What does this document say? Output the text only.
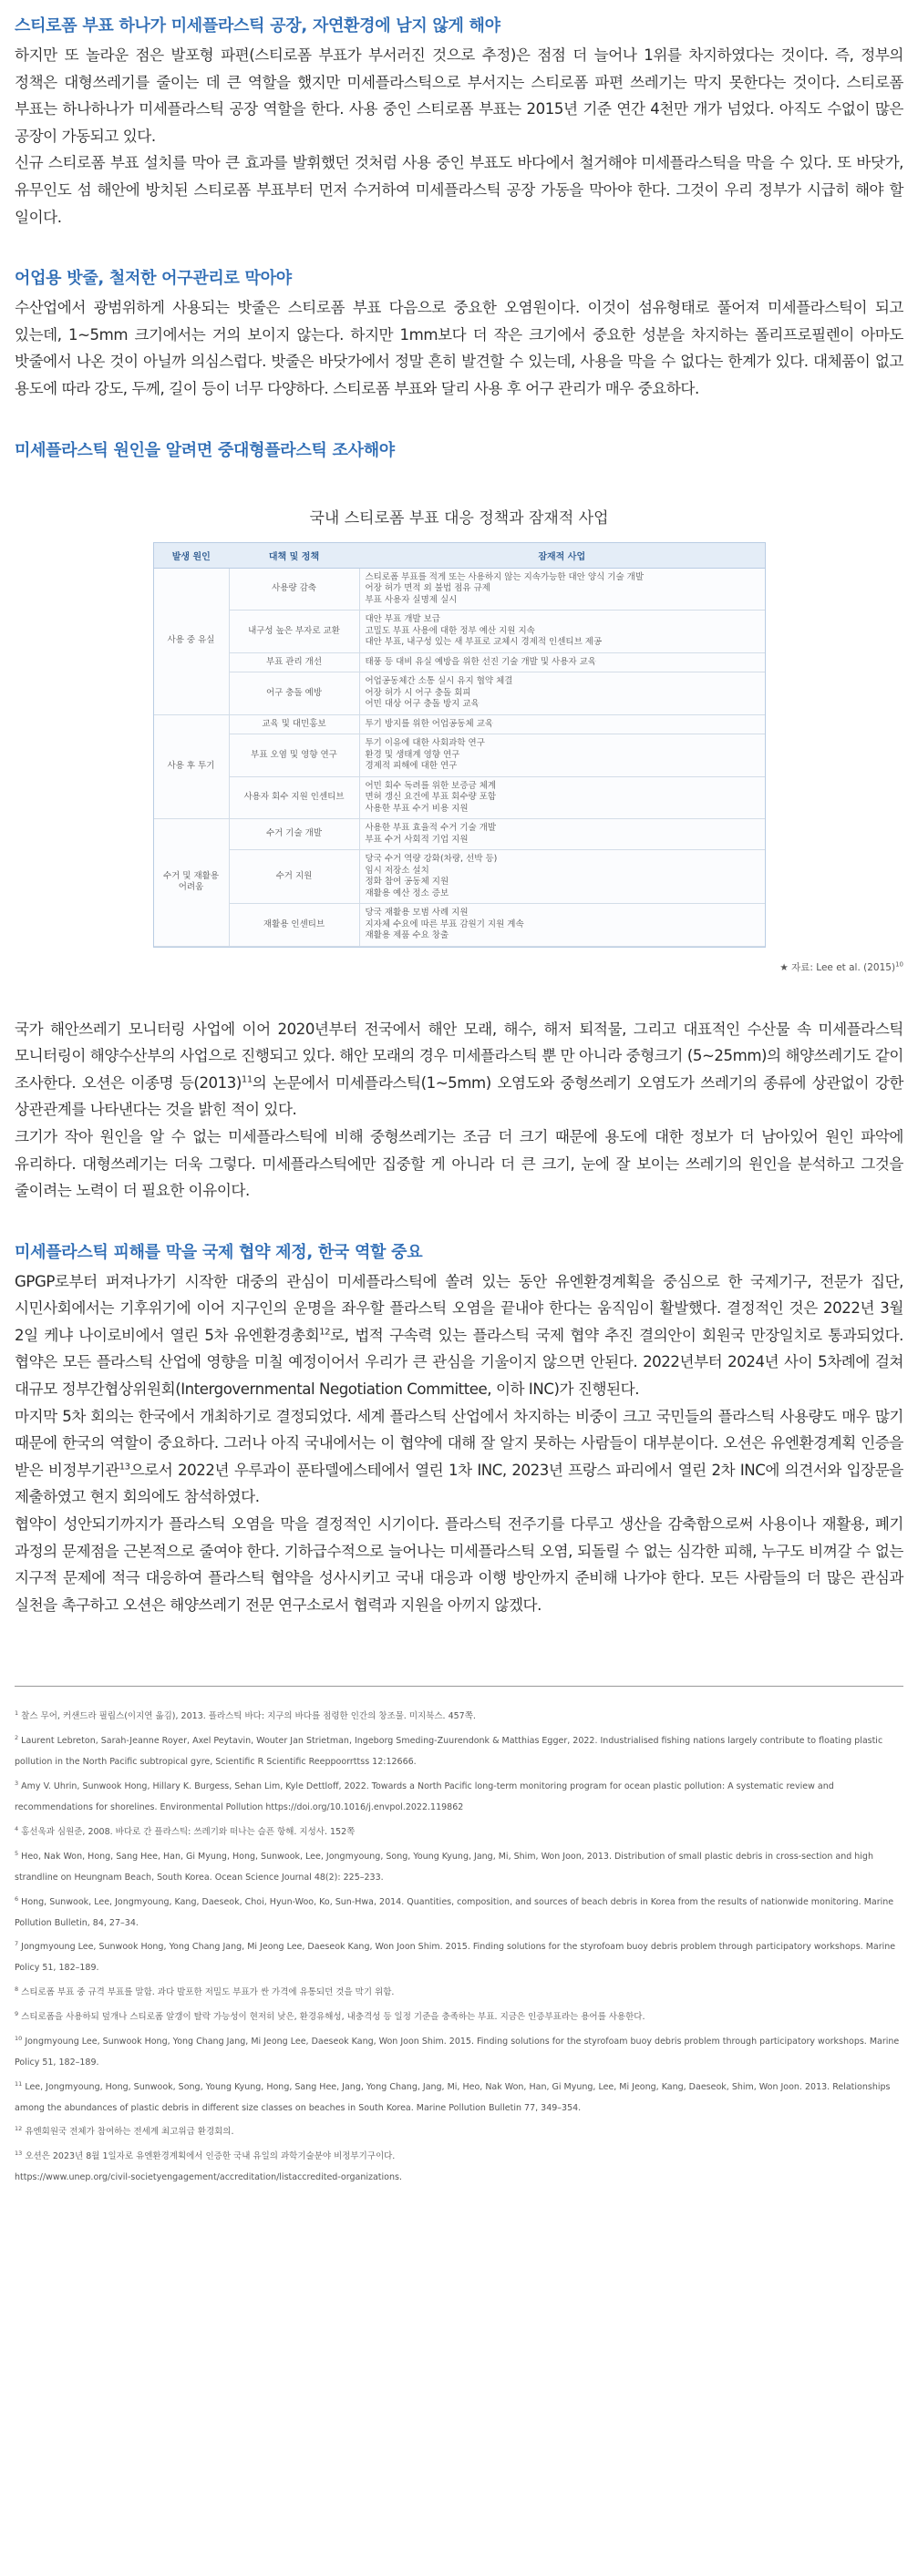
스티로폼 부표 하나가 미세플라스틱 공장, 자연환경에 남지 않게 해야

하지만 또 놀라운 점은 발포형 파편(스티로폼 부표가 부서러진 것으로 추정)은 점점 더 늘어나 1위를 차지하였다는 것이다. 즉, 정부의 정책은 대형쓰레기를 줄이는 데 큰 역할을 했지만 미세플라스틱으로 부서지는 스티로폼 파편 쓰레기는 막지 못한다는 것이다. 스티로폼 부표는 하나하나가 미세플라스틱 공장 역할을 한다. 사용 중인 스티로폼 부표는 2015년 기준 연간 4천만 개가 넘었다. 아직도 수없이 많은 공장이 가동되고 있다.

신규 스티로폼 부표 설치를 막아 큰 효과를 발휘했던 것처럼 사용 중인 부표도 바다에서 철거해야 미세플라스틱을 막을 수 있다. 또 바닷가, 유무인도 섬 해안에 방치된 스티로폼 부표부터 먼저 수거하여 미세플라스틱 공장 가동을 막아야 한다. 그것이 우리 정부가 시급히 해야 할 일이다.

어업용 밧줄, 철저한 어구관리로 막아야

수산업에서 광범위하게 사용되는 밧줄은 스티로폼 부표 다음으로 중요한 오염원이다. 이것이 섬유형태로 풀어져 미세플라스틱이 되고 있는데, 1~5mm 크기에서는 거의 보이지 않는다. 하지만 1mm보다 더 작은 크기에서 중요한 성분을 차지하는 폴리프로필렌이 아마도 밧줄에서 나온 것이 아닐까 의심스럽다. 밧줄은 바닷가에서 정말 흔히 발견할 수 있는데, 사용을 막을 수 없다는 한계가 있다. 대체품이 없고 용도에 따라 강도, 두께, 길이 등이 너무 다양하다. 스티로폼 부표와 달리 사용 후 어구 관리가 매우 중요하다.

미세플라스틱 원인을 알려면 중대형플라스틱 조사해야
국내 스티로폼 부표 대응 정책과 잠재적 사업
발생 원인	대책 및 정책	잠재적 사업
사용 중 유실	사용량 감축	스티로폼 부표를 적게 또는 사용하지 않는 지속가능한 대안 양식 기술 개발
어장 허가 면적 외 불법 점유 규제
부표 사용자 실명제 실시
	내구성 높은 부자로 교환	대안 부표 개발 보급
고밀도 부표 사용에 대한 정부 예산 지원 지속
대안 부표, 내구성 있는 새 부표로 교체시 경제적 인센티브 제공
	부표 관리 개선	태풍 등 대비 유실 예방을 위한 선진 기술 개발 및 사용자 교육
	어구 충돌 예방	어업공동체간 소통 실시 유지 협약 체결
어장 허가 시 어구 충돌 회피
어민 대상 어구 충돌 방지 교육
사용 후 투기	교육 및 대민홍보	투기 방지를 위한 어업공동체 교육
	부표 오염 및 영향 연구	투기 이유에 대한 사회과학 연구
환경 및 생태계 영향 연구
경제적 피해에 대한 연구
	사용자 회수 지원 인센티브	어민 회수 독려를 위한 보증금 체계
면허 갱신 요건에 부표 회수량 포함
사용한 부표 수거 비용 지원
수거 및 재활용 어려움	수거 기술 개발	사용한 부표 효율적 수거 기술 개발
부표 수거 사회적 기업 지원
	수거 지원	당국 수거 역량 강화(차량, 선박 등)
임시 저장소 설치
정화 참여 공동체 지원
재활용 예산 정소 증보
	재활용 인센티브	당국 재활용 모범 사례 지원
지자체 수요에 따른 부표 감원기 지원 계속
재활용 제품 수요 창출
★ 자료: Lee et al. $(2015)^{10}$

국가 해안쓰레기 모니터링 사업에 이어 2020년부터 전국에서 해안 모래, 해수, 해저 퇴적물, 그리고 대표적인 수산물 속 미세플라스틱 모니터링이 해양수산부의 사업으로 진행되고 있다. 해안 모래의 경우 미세플라스틱 뿐 만 아니라 중형크기 (5~25mm)의 해양쓰레기도 같이 조사한다. 오션은 이종명 등(2013)$^{11}$의 논문에서 미세플라스틱(1~5mm) 오염도와 중형쓰레기 오염도가 쓰레기의 종류에 상관없이 강한 상관관계를 나타낸다는 것을 밝힌 적이 있다.

크기가 작아 원인을 알 수 없는 미세플라스틱에 비해 중형쓰레기는 조금 더 크기 때문에 용도에 대한 정보가 더 남아있어 원인 파악에 유리하다. 대형쓰레기는 더욱 그렇다. 미세플라스틱에만 집중할 게 아니라 더 큰 크기, 눈에 잘 보이는 쓰레기의 원인을 분석하고 그것을 줄이려는 노력이 더 필요한 이유이다.

미세플라스틱 피해를 막을 국제 협약 제정, 한국 역할 중요

GPGP로부터 퍼져나가기 시작한 대중의 관심이 미세플라스틱에 쏠려 있는 동안 유엔환경계획을 중심으로 한 국제기구, 전문가 집단, 시민사회에서는 기후위기에 이어 지구인의 운명을 좌우할 플라스틱 오염을 끝내야 한다는 움직임이 활발했다. 결정적인 것은 2022년 3월 2일 케냐 나이로비에서 열린 5차 유엔환경총회$^{12}$로, 법적 구속력 있는 플라스틱 국제 협약 추진 결의안이 회원국 만장일치로 통과되었다. 협약은 모든 플라스틱 산업에 영향을 미칠 예정이어서 우리가 큰 관심을 기울이지 않으면 안된다. 2022년부터 2024년 사이 5차례에 걸쳐 대규모 정부간협상위원회(Intergovernmental Negotiation Committee, 이하 INC)가 진행된다.

마지막 5차 회의는 한국에서 개최하기로 결정되었다. 세계 플라스틱 산업에서 차지하는 비중이 크고 국민들의 플라스틱 사용량도 매우 많기 때문에 한국의 역할이 중요하다. 그러나 아직 국내에서는 이 협약에 대해 잘 알지 못하는 사람들이 대부분이다. 오션은 유엔환경계획 인증을 받은 비정부기관$^{13}$으로서 2022년 우루과이 푼타델에스테에서 열린 1차 INC, 2023년 프랑스 파리에서 열린 2차 INC에 의견서와 입장문을 제출하였고 현지 회의에도 참석하였다.

협약이 성안되기까지가 플라스틱 오염을 막을 결정적인 시기이다. 플라스틱 전주기를 다루고 생산을 감축함으로써 사용이나 재활용, 폐기 과정의 문제점을 근본적으로 줄여야 한다. 기하급수적으로 늘어나는 미세플라스틱 오염, 되돌릴 수 없는 심각한 피해, 누구도 비껴갈 수 없는 지구적 문제에 적극 대응하여 플라스틱 협약을 성사시키고 국내 대응과 이행 방안까지 준비해 나가야 한다. 모든 사람들의 더 많은 관심과 실천을 촉구하고 오션은 해양쓰레기 전문 연구소로서 협력과 지원을 아끼지 않겠다.

$^1$ 찰스 무어, 커샌드라 필립스(이지연 옮김), 2013. 플라스틱 바다: 지구의 바다를 점령한 인간의 창조물. 미지북스. 457쪽.
$^2$ Laurent Lebreton, Sarah-Jeanne Royer, Axel Peytavin, Wouter Jan Strietman, Ingeborg Smeding-Zuurendonk & Matthias Egger, 2022. Industrialised fishing nations largely contribute to floating plastic pollution in the North Pacific subtropical gyre, Scientific R Scientific Reeppoorrttss 12:12666.
$^3$ Amy V. Uhrin, Sunwook Hong, Hillary K. Burgess, Sehan Lim, Kyle Dettloff, 2022. Towards a North Pacific long-term monitoring program for ocean plastic pollution: A systematic review and recommendations for shorelines. Environmental Pollution https://doi.org/10.1016/j.envpol.2022.119862
$^4$ 홍선욱과 심원준, 2008. 바다로 간 플라스틱: 쓰레기와 떠나는 슬픈 항해. 지성사. 152쪽
$^5$ Heo, Nak Won, Hong, Sang Hee, Han, Gi Myung, Hong, Sunwook, Lee, Jongmyoung, Song, Young Kyung, Jang, Mi, Shim, Won Joon, 2013. Distribution of small plastic debris in cross-section and high strandline on Heungnam Beach, South Korea. Ocean Science Journal 48(2): 225–233.
$^6$ Hong, Sunwook, Lee, Jongmyoung, Kang, Daeseok, Choi, Hyun-Woo, Ko, Sun-Hwa, 2014. Quantities, composition, and sources of beach debris in Korea from the results of nationwide monitoring. Marine Pollution Bulletin, 84, 27–34.
$^7$ Jongmyoung Lee, Sunwook Hong, Yong Chang Jang, Mi Jeong Lee, Daeseok Kang, Won Joon Shim. 2015. Finding solutions for the styrofoam buoy debris problem through participatory workshops. Marine Policy 51, 182–189.
$^8$ 스티로폼 부표 중 규격 부표를 말함. 과다 발포한 저밀도 부표가 싼 가격에 유통되던 것을 막기 위함.
$^9$ 스티로폼을 사용하되 덮개나 스티로폼 알갱이 탈락 가능성이 현저히 낮은, 환경유해성, 내충격성 등 일정 기준을 충족하는 부표. 지금은 인증부표라는 용어를 사용한다.
$^{10}$ Jongmyoung Lee, Sunwook Hong, Yong Chang Jang, Mi Jeong Lee, Daeseok Kang, Won Joon Shim. 2015. Finding solutions for the styrofoam buoy debris problem through participatory workshops. Marine Policy 51, 182–189.
$^{11}$ Lee, Jongmyoung, Hong, Sunwook, Song, Young Kyung, Hong, Sang Hee, Jang, Yong Chang, Jang, Mi, Heo, Nak Won, Han, Gi Myung, Lee, Mi Jeong, Kang, Daeseok, Shim, Won Joon. 2013. Relationships among the abundances of plastic debris in different size classes on beaches in South Korea. Marine Pollution Bulletin 77, 349–354.
$^{12}$ 유엔회원국 전체가 참여하는 전세계 최고위급 환경회의.
$^{13}$ 오션은 2023년 8월 1일자로 유엔환경계획에서 인증한 국내 유일의 과학기술분야 비정부기구이다.
https://www.unep.org/civil-societyengagement/accreditation/listaccredited-organizations.
